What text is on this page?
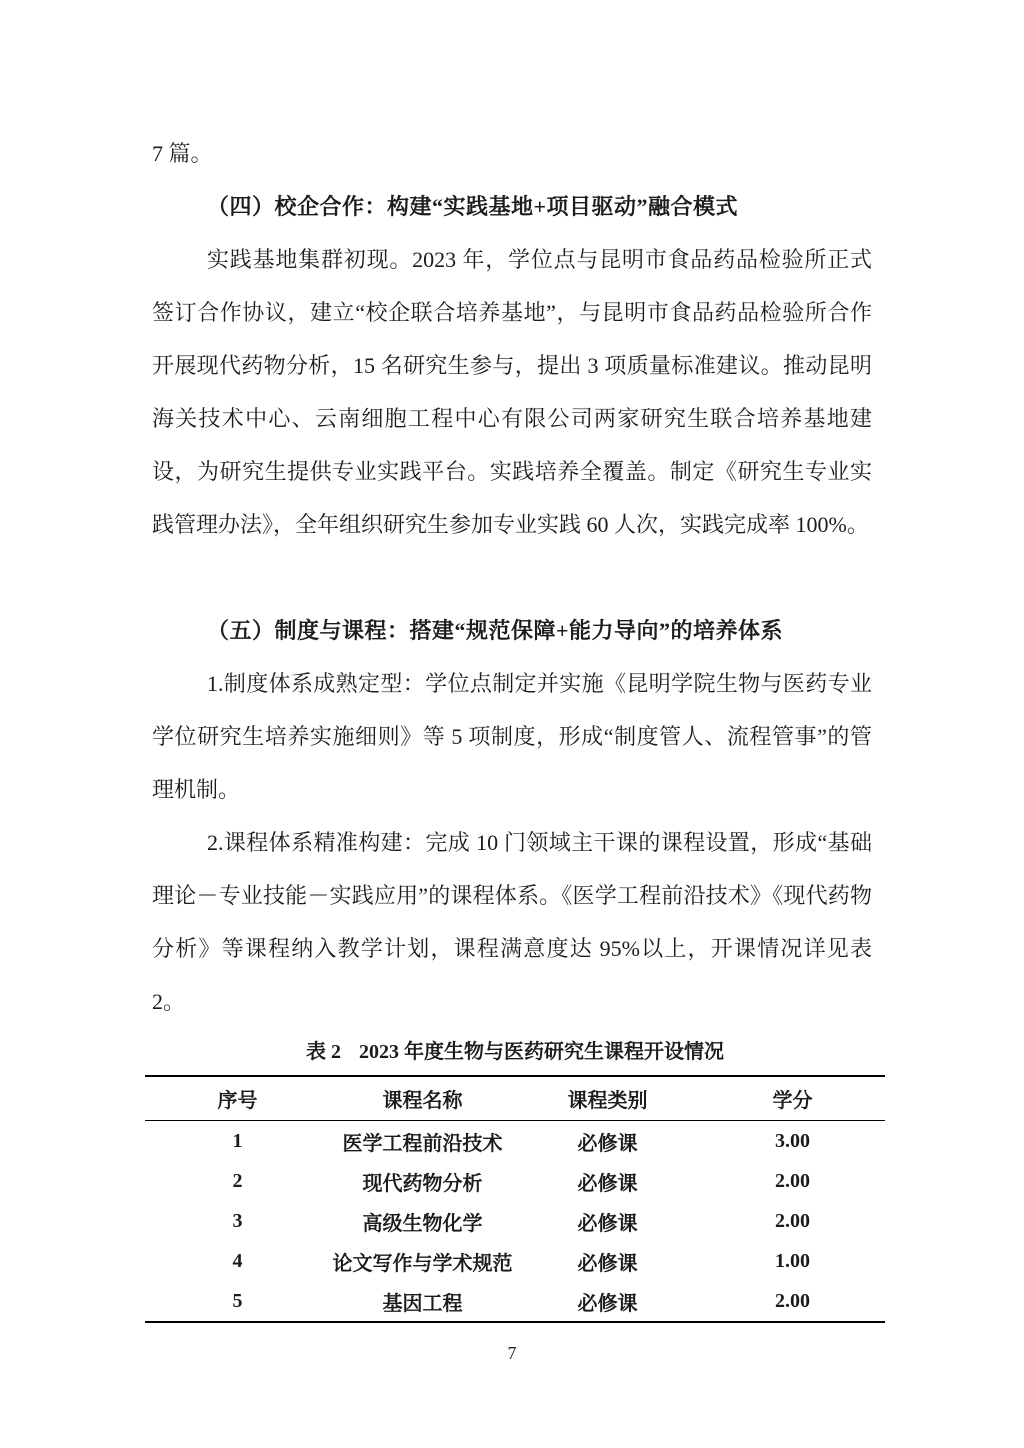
7 篇。
（四）校企合作：构建“实践基地+项目驱动”融合模式
实践基地集群初现。2023 年，学位点与昆明市食品药品检验所正式签订合作协议，建立“校企联合培养基地”，与昆明市食品药品检验所合作开展现代药物分析，15 名研究生参与，提出 3 项质量标准建议。推动昆明海关技术中心、云南细胞工程中心有限公司两家研究生联合培养基地建设，为研究生提供专业实践平台。实践培养全覆盖。制定《研究生专业实践管理办法》，全年组织研究生参加专业实践 60 人次，实践完成率 100%。
（五）制度与课程：搭建“规范保障+能力导向”的培养体系
1.制度体系成熟定型：学位点制定并实施《昆明学院生物与医药专业学位研究生培养实施细则》等 5 项制度，形成“制度管人、流程管事”的管理机制。
2.课程体系精准构建：完成 10 门领域主干课的课程设置，形成“基础理论－专业技能－实践应用”的课程体系。《医学工程前沿技术》《现代药物分析》等课程纳入教学计划，课程满意度达 95%以上，开课情况详见表 2。
表 2 2023 年度生物与医药研究生课程开设情况
序号	课程名称	课程类别	学分
1	医学工程前沿技术	必修课	3.00
2	现代药物分析	必修课	2.00
3	高级生物化学	必修课	2.00
4	论文写作与学术规范	必修课	1.00
5	基因工程	必修课	2.00
7
